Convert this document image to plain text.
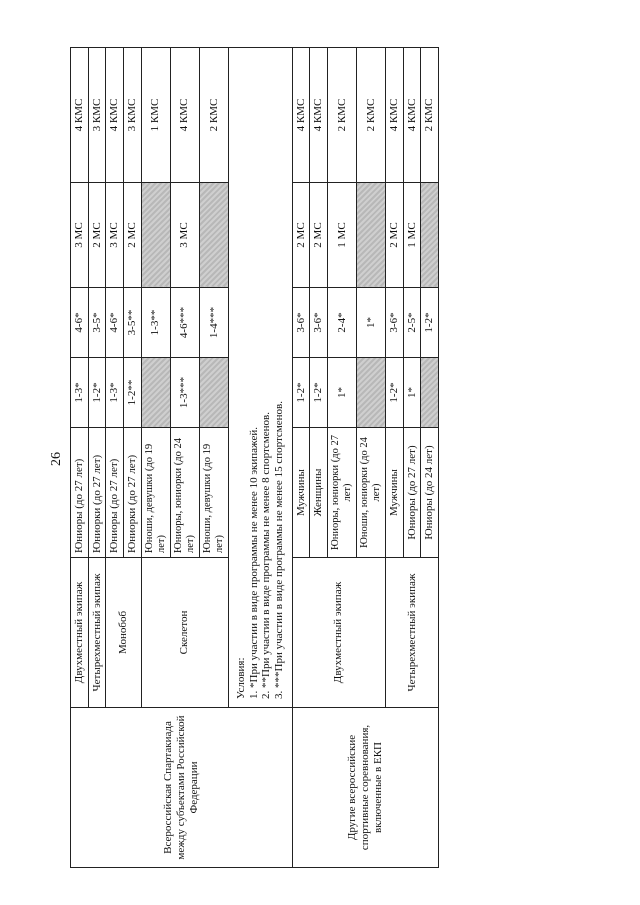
26
Всероссийская Спартакиада между субъектами Российской Федерации	Двухместный экипаж	Юниоры (до 27 лет)	1-3*	4-6*	3 МС	4 КМС
	Четырехместный экипаж	Юниорки (до 27 лет)	1-2*	3-5*	2 МС	3 КМС
	Монобоб	Юниоры (до 27 лет)	1-3*	4-6*	3 МС	4 КМС
		Юниорки (до 27 лет)	1-2**	3-5**	2 МС	3 КМС
	Скелетон	Юноши, девушки (до 19 лет)		1-3**		1 КМС
		Юниоры, юниорки (до 24 лет)	1-3***	4-6***	3 МС	4 КМС
		Юноши, девушки (до 19 лет)		1-4***		2 КМС

	Условия: 1. *При участии в виде программы не менее 10 экипажей. 2. **При участии в виде программы не менее 8 спортсменов. 3. ***При участии в виде программы не менее 15 спортсменов.					

Другие всероссийские спортивные соревнования, включенные в ЕКП	Двухместный экипаж	Мужчины	1-2*	3-6*	2 МС	4 КМС
		Женщины	1-2*	3-6*	2 МС	4 КМС
		Юниоры, юниорки (до 27 лет)	1*	2-4*	1 МС	2 КМС
		Юноши, юниорки (до 24 лет)		1*		2 КМС
	Четырехместный экипаж	Мужчины	1-2*	3-6*	2 МС	4 КМС
		Юниоры (до 27 лет)	1*	2-5*	1 МС	4 КМС
		Юниоры (до 24 лет)		1-2*		2 КМС
